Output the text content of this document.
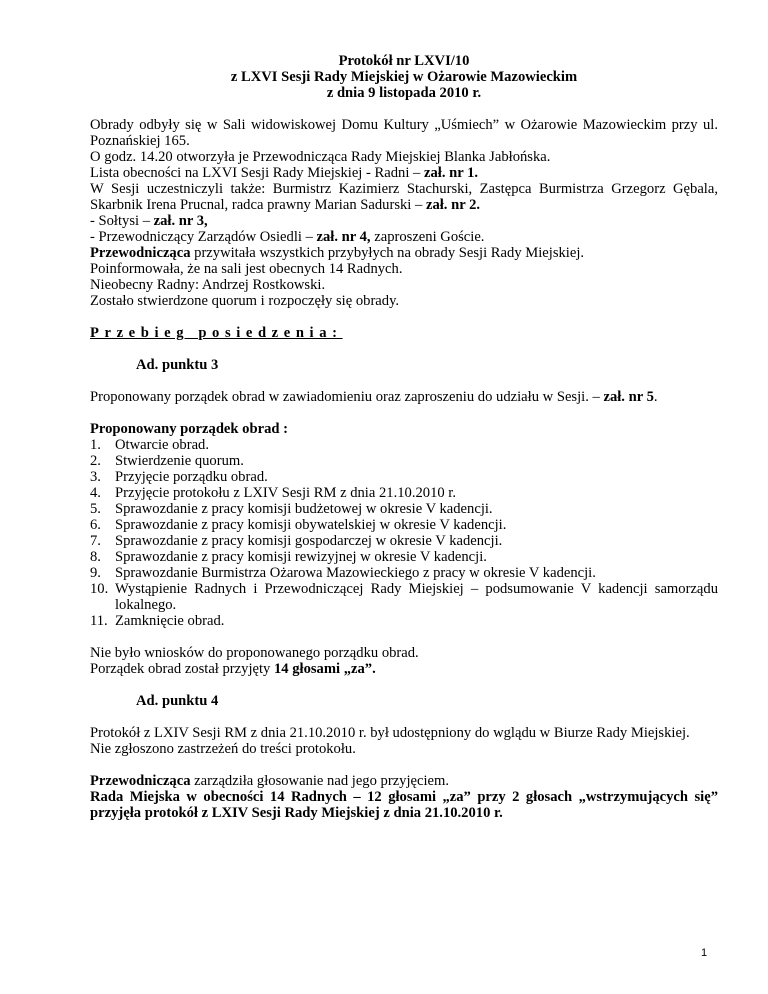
Protokół nr LXVI/10
z LXVI Sesji Rady Miejskiej w Ożarowie Mazowieckim
z dnia 9 listopada 2010 r.
Obrady odbyły się w Sali widowiskowej Domu Kultury „Uśmiech” w Ożarowie Mazowieckim przy ul. Poznańskiej 165.
O godz. 14.20 otworzyła je Przewodnicząca Rady Miejskiej Blanka Jabłońska.
Lista obecności na LXVI Sesji Rady Miejskiej - Radni – zał. nr 1.
W Sesji uczestniczyli także: Burmistrz Kazimierz Stachurski, Zastępca Burmistrza Grzegorz Gębala, Skarbnik Irena Prucnal, radca prawny Marian Sadurski – zał. nr 2.
- Sołtysi – zał. nr 3,
- Przewodniczący Zarządów Osiedli – zał. nr 4, zaproszeni Goście.
Przewodnicząca przywitała wszystkich przybyłych na obrady Sesji Rady Miejskiej.
Poinformowała, że na sali jest obecnych 14 Radnych.
Nieobecny Radny: Andrzej Rostkowski.
Zostało stwierdzone quorum i rozpoczęły się obrady.
Przebieg posiedzenia:
Ad. punktu 3
Proponowany porządek obrad w zawiadomieniu oraz zaproszeniu do udziału w Sesji. – zał. nr 5.
Proponowany porządek obrad :
1. Otwarcie obrad.
2. Stwierdzenie quorum.
3. Przyjęcie porządku obrad.
4. Przyjęcie protokołu z LXIV Sesji RM z dnia 21.10.2010 r.
5. Sprawozdanie z pracy komisji budżetowej w okresie V kadencji.
6. Sprawozdanie z pracy komisji obywatelskiej w okresie V kadencji.
7. Sprawozdanie z pracy komisji gospodarczej w okresie V kadencji.
8. Sprawozdanie z pracy komisji rewizyjnej w okresie V kadencji.
9. Sprawozdanie Burmistrza Ożarowa Mazowieckiego z pracy w okresie V kadencji.
10. Wystąpienie Radnych i Przewodniczącej Rady Miejskiej – podsumowanie V kadencji samorządu lokalnego.
11. Zamknięcie obrad.
Nie było wniosków do proponowanego porządku obrad.
Porządek obrad został przyjęty 14 głosami „za”.
Ad. punktu 4
Protokół z LXIV Sesji RM z dnia 21.10.2010 r. był udostępniony do wglądu w Biurze Rady Miejskiej.
Nie zgłoszono zastrzeżeń do treści protokołu.
Przewodnicząca zarządziła głosowanie nad jego przyjęciem.
Rada Miejska w obecności 14 Radnych – 12 głosami „za” przy 2 głosach „wstrzymujących się” przyjęła protokół z LXIV Sesji Rady Miejskiej z dnia 21.10.2010 r.
1
